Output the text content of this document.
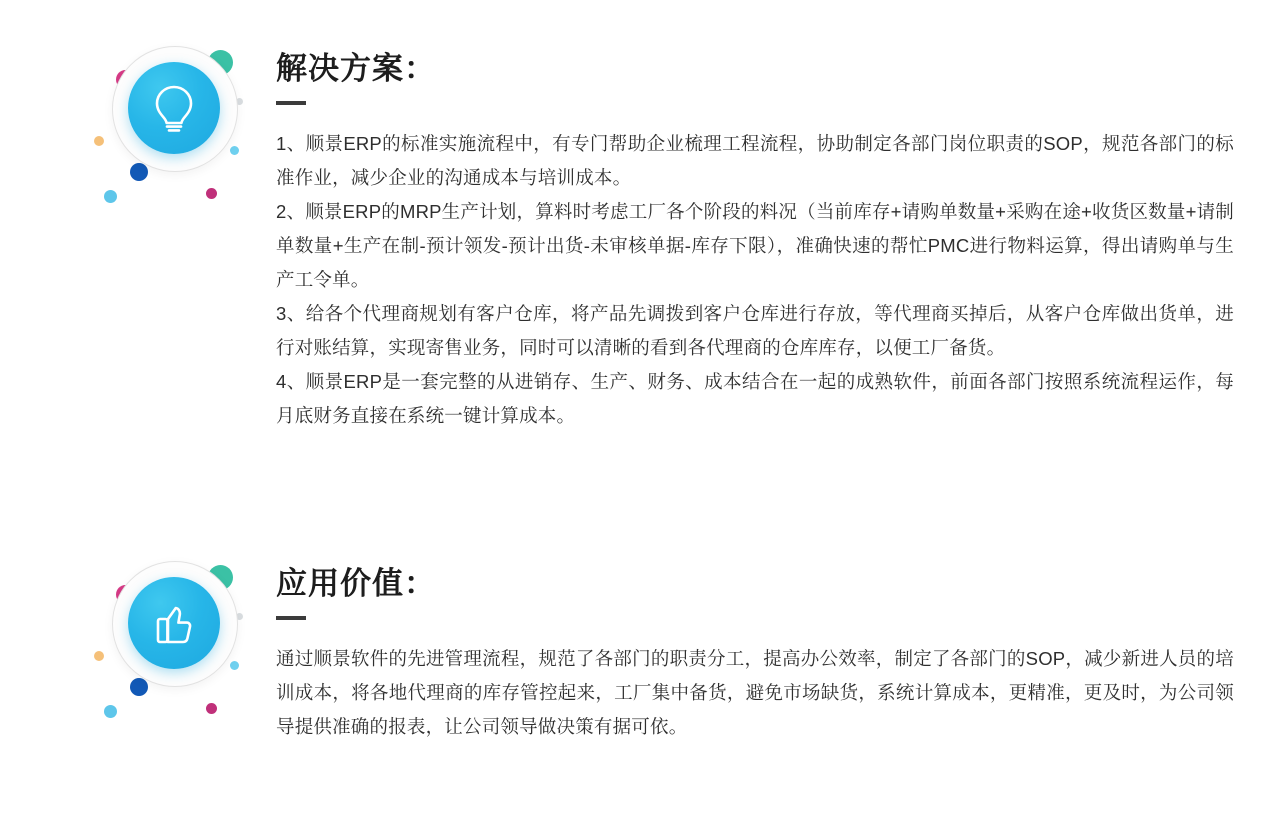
解决方案：

1、顺景ERP的标准实施流程中，有专门帮助企业梳理工程流程，协助制定各部门岗位职责的SOP，规范各部门的标准作业，减少企业的沟通成本与培训成本。

2、顺景ERP的MRP生产计划，算料时考虑工厂各个阶段的料况（当前库存+请购单数量+采购在途+收货区数量+请制单数量+生产在制-预计领发-预计出货-未审核单据-库存下限），准确快速的帮忙PMC进行物料运算，得出请购单与生产工令单。

3、给各个代理商规划有客户仓库，将产品先调拨到客户仓库进行存放，等代理商买掉后，从客户仓库做出货单，进行对账结算，实现寄售业务，同时可以清晰的看到各代理商的仓库库存，以便工厂备货。

4、顺景ERP是一套完整的从进销存、生产、财务、成本结合在一起的成熟软件，前面各部门按照系统流程运作，每月底财务直接在系统一键计算成本。

应用价值：

通过顺景软件的先进管理流程，规范了各部门的职责分工，提高办公效率，制定了各部门的SOP，减少新进人员的培训成本，将各地代理商的库存管控起来，工厂集中备货，避免市场缺货，系统计算成本，更精准，更及时，为公司领导提供准确的报表，让公司领导做决策有据可依。
